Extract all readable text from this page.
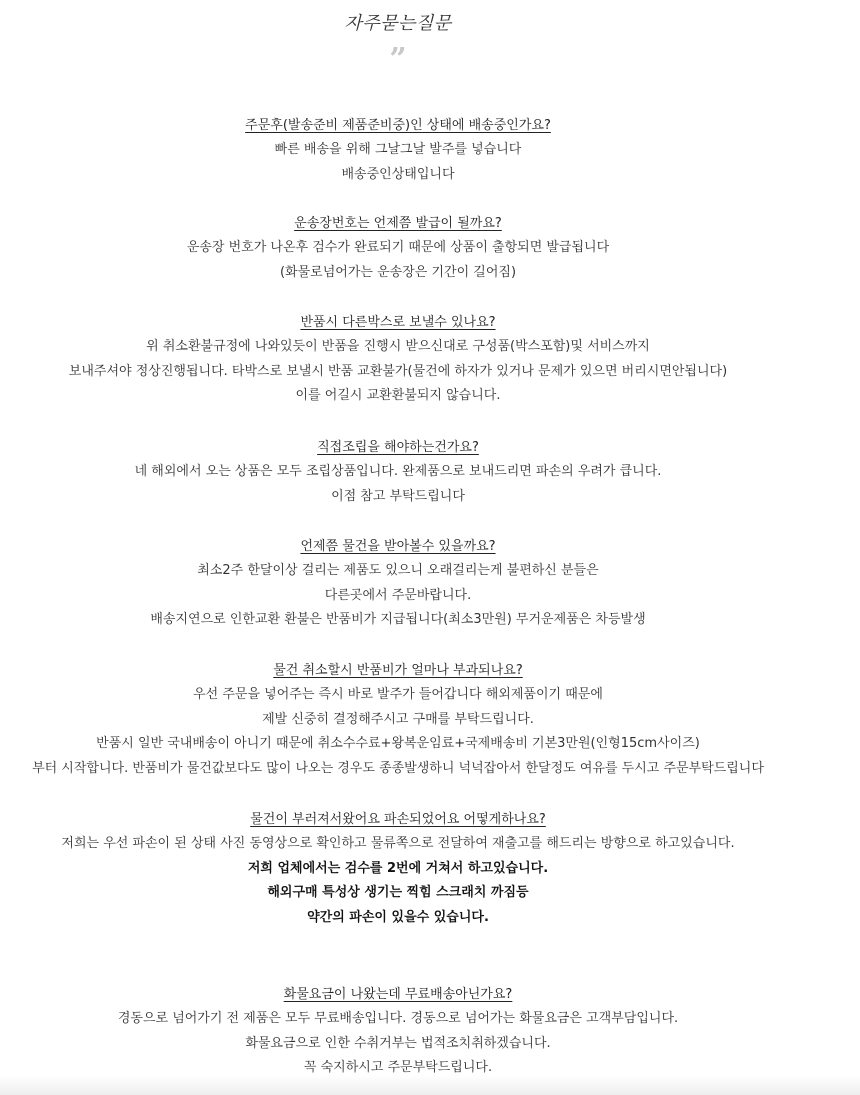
자주묻는질문
”
주문후(발송준비 제품준비중)인 상태에 배송중인가요?
빠른 배송을 위해 그날그날 발주를 넣습니다
배송중인상태입니다
운송장번호는 언제쯤 발급이 될까요?
운송장 번호가 나온후 검수가 완료되기 때문에 상품이 출항되면 발급됩니다
(화물로넘어가는 운송장은 기간이 길어짐)
반품시 다른박스로 보낼수 있나요?
위 취소환불규정에 나와있듯이 반품을 진행시 받으신대로 구성품(박스포함)및 서비스까지
보내주셔야 정상진행됩니다. 타박스로 보낼시 반품 교환불가(물건에 하자가 있거나 문제가 있으면 버리시면안됩니다)
이를 어길시 교환환불되지 않습니다.
직접조립을 해야하는건가요?
네 해외에서 오는 상품은 모두 조립상품입니다. 완제품으로 보내드리면 파손의 우려가 큽니다.
이점 참고 부탁드립니다
언제쯤 물건을 받아볼수 있을까요?
최소2주 한달이상 걸리는 제품도 있으니 오래걸리는게 불편하신 분들은
다른곳에서 주문바랍니다.
배송지연으로 인한교환 환불은 반품비가 지급됩니다(최소3만원) 무거운제품은 차등발생
물건 취소할시 반품비가 얼마나 부과되나요?
우선 주문을 넣어주는 즉시 바로 발주가 들어갑니다 해외제품이기 때문에
제발 신중히 결정해주시고 구매를 부탁드립니다.
반품시 일반 국내배송이 아니기 때문에 취소수수료+왕복운임료+국제배송비 기본3만원(인형15cm사이즈)
부터 시작합니다. 반품비가 물건값보다도 많이 나오는 경우도 종종발생하니 넉넉잡아서 한달정도 여유를 두시고 주문부탁드립니다
물건이 부러져서왔어요 파손되었어요 어떻게하나요?
저희는 우선 파손이 된 상태 사진 동영상으로 확인하고 물류쪽으로 전달하여 재출고를 해드리는 방향으로 하고있습니다.
저희 업체에서는 검수를 2번에 거쳐서 하고있습니다.
해외구매 특성상 생기는 찍힘 스크래치 까짐등
약간의 파손이 있을수 있습니다.
화물요금이 나왔는데 무료배송아닌가요?
경동으로 넘어가기 전 제품은 모두 무료배송입니다. 경동으로 넘어가는 화물요금은 고객부담입니다.
화물요금으로 인한 수취거부는 법적조치취하겠습니다.
꼭 숙지하시고 주문부탁드립니다.
